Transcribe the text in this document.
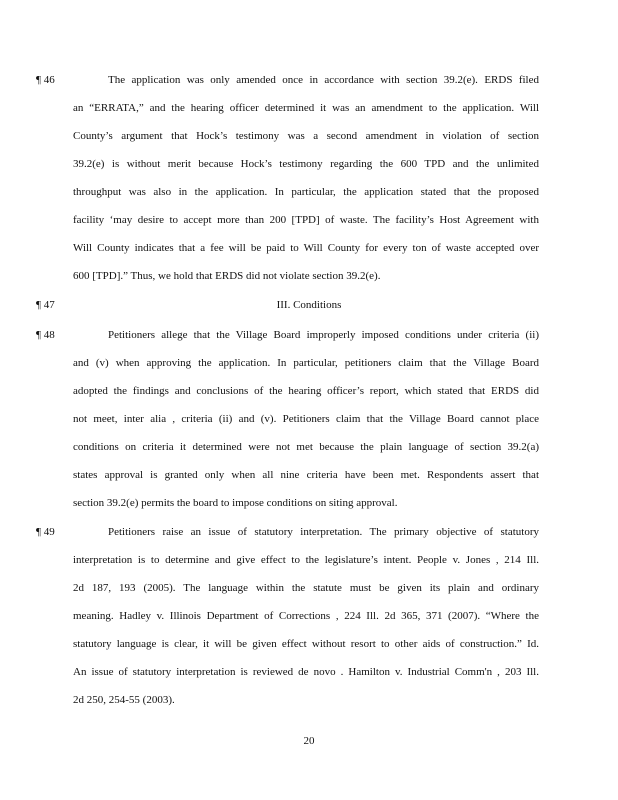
¶ 46	The application was only amended once in accordance with section 39.2(e). ERDS filed
an “ERRATA,” and the hearing officer determined it was an amendment to the application. Will
County’s argument that Hock’s testimony was a second amendment in violation of section
39.2(e) is without merit because Hock’s testimony regarding the 600 TPD and the unlimited
throughput was also in the application. In particular, the application stated that the proposed
facility ‘may desire to accept more than 200 [TPD] of waste. The facility’s Host Agreement with
Will County indicates that a fee will be paid to Will County for every ton of waste accepted over
600 [TPD].” Thus, we hold that ERDS did not violate section 39.2(e).
¶ 47	III. Conditions
¶ 48	Petitioners allege that the Village Board improperly imposed conditions under criteria (ii)
and (v) when approving the application. In particular, petitioners claim that the Village Board
adopted the findings and conclusions of the hearing officer’s report, which stated that ERDS did
not meet, inter alia , criteria (ii) and (v). Petitioners claim that the Village Board cannot place
conditions on criteria it determined were not met because the plain language of section 39.2(a)
states approval is granted only when all nine criteria have been met. Respondents assert that
section 39.2(e) permits the board to impose conditions on siting approval.
¶ 49	Petitioners raise an issue of statutory interpretation. The primary objective of statutory
interpretation is to determine and give effect to the legislature’s intent. People v. Jones , 214 Ill.
2d 187, 193 (2005). The language within the statute must be given its plain and ordinary
meaning. Hadley v. Illinois Department of Corrections , 224 Ill. 2d 365, 371 (2007). “Where the
statutory language is clear, it will be given effect without resort to other aids of construction.” Id.
An issue of statutory interpretation is reviewed de novo . Hamilton v. Industrial Comm'n , 203 Ill.
2d 250, 254-55 (2003).
20
